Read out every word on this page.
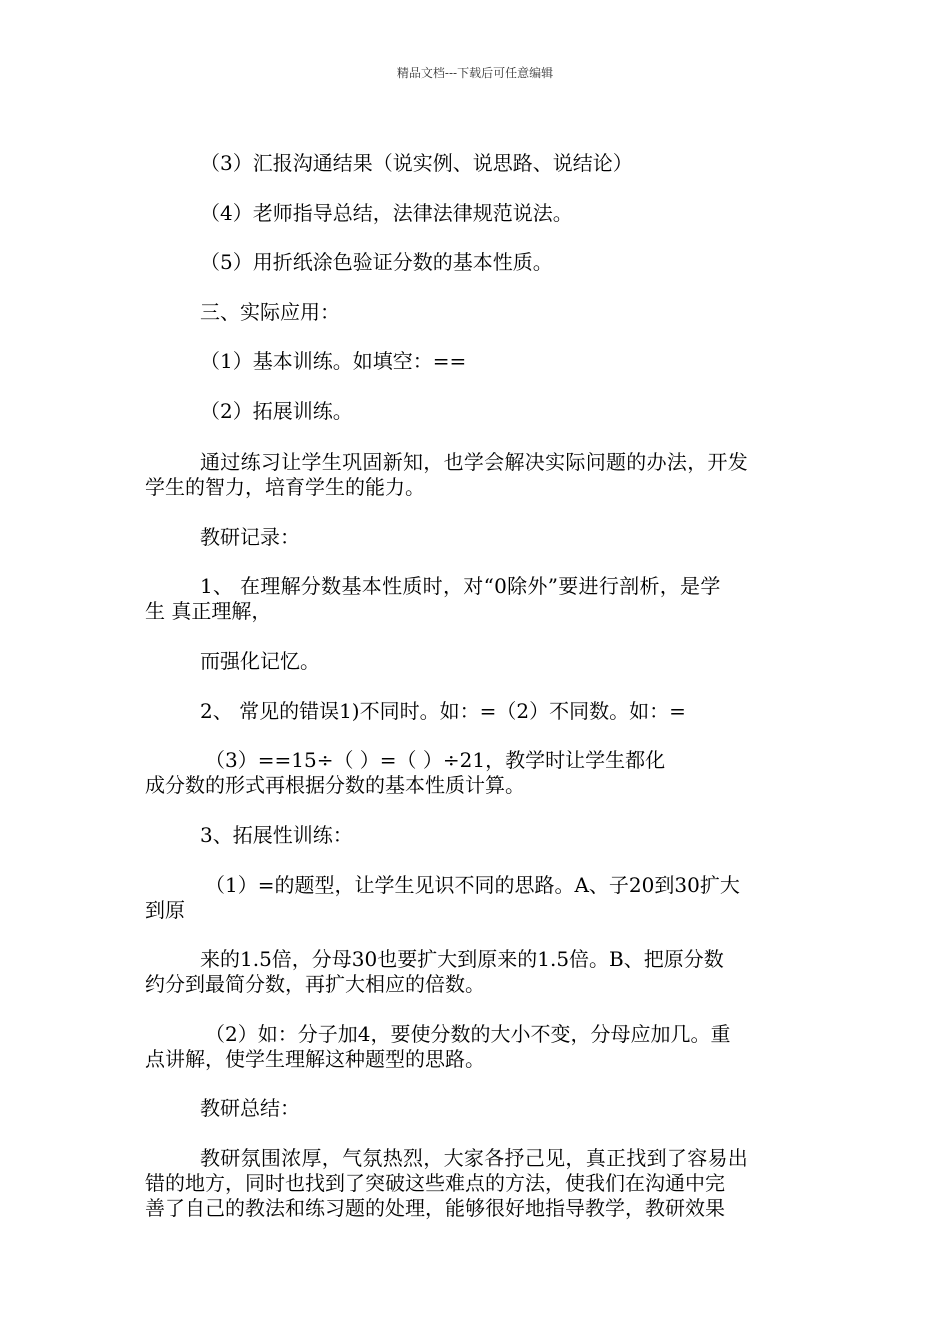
精品文档---下载后可任意编辑
（3）汇报沟通结果（说实例、说思路、说结论）
（4）老师指导总结，法律法律规范说法。
（5）用折纸涂色验证分数的基本性质。
三、实际应用：
（1）基本训练。如填空：==
（2）拓展训练。
通过练习让学生巩固新知，也学会解决实际问题的办法，开发
学生的智力，培育学生的能力。
教研记录：
1、 在理解分数基本性质时，对“0除外”要进行剖析，是学
生 真正理解，
而强化记忆。
2、 常见的错误1)不同时。如：=（2）不同数。如：=
（3）==15÷（ ）=（ ）÷21，教学时让学生都化
成分数的形式再根据分数的基本性质计算。
3、拓展性训练：
（1）=的题型，让学生见识不同的思路。A、子20到30扩大
到原
来的1.5倍，分母30也要扩大到原来的1.5倍。B、把原分数
约分到最简分数，再扩大相应的倍数。
（2）如：分子加4，要使分数的大小不变，分母应加几。重
点讲解，使学生理解这种题型的思路。
教研总结：
教研氛围浓厚，气氛热烈，大家各抒己见，真正找到了容易出
错的地方，同时也找到了突破这些难点的方法，使我们在沟通中完
善了自己的教法和练习题的处理，能够很好地指导教学，教研效果
